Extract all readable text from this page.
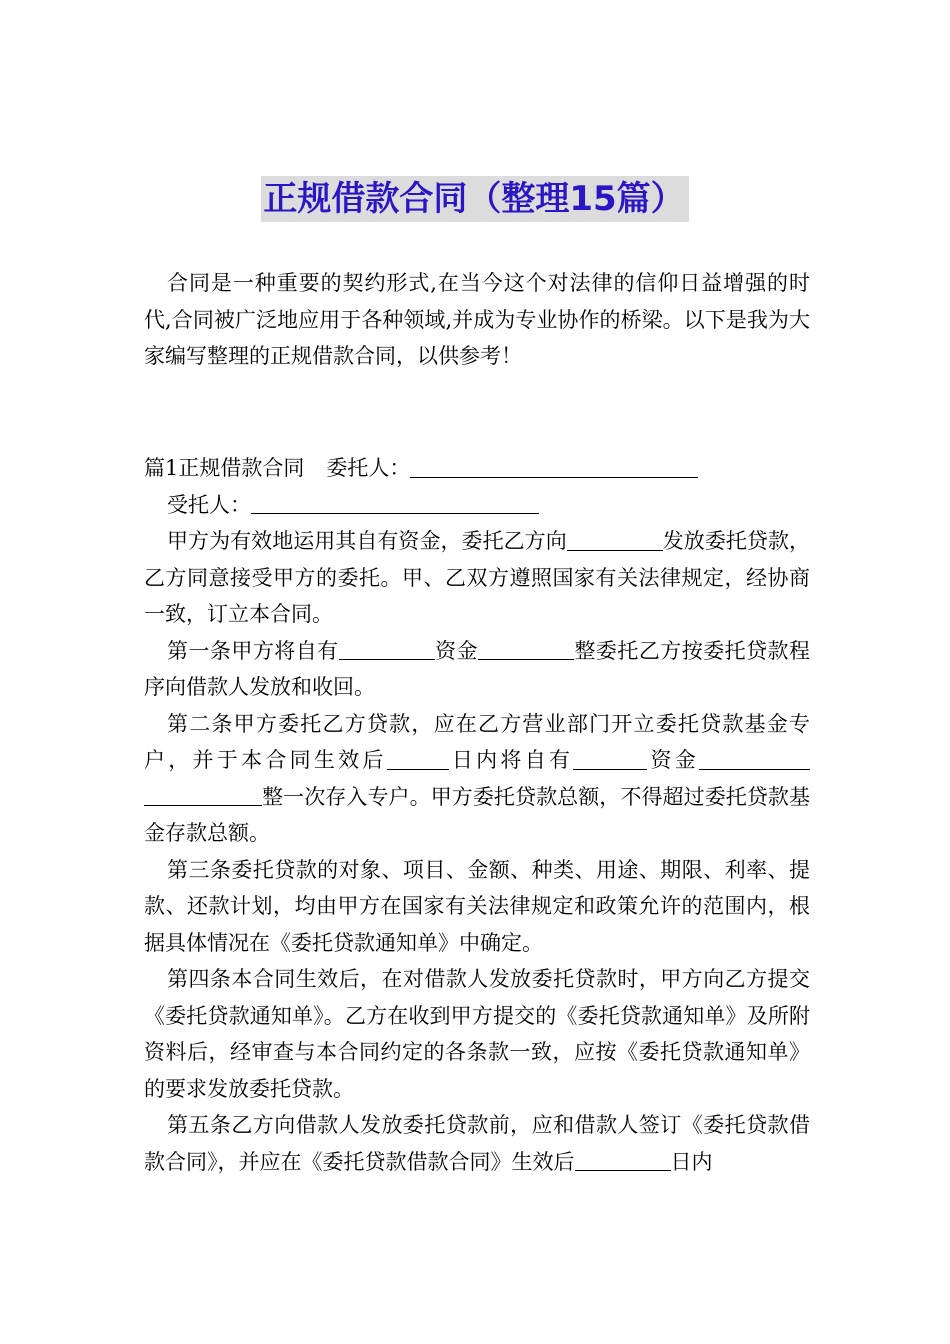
正规借款合同（整理15篇）

合同是一种重要的契约形式,在当今这个对法律的信仰日益增强的时代,合同被广泛地应用于各种领域,并成为专业协作的桥梁。以下是我为大家编写整理的正规借款合同，以供参考！

篇1正规借款合同 委托人：

受托人：

甲方为有效地运用其自有资金，委托乙方向	发放委托贷款，乙方同意接受甲方的委托。甲、乙双方遵照国家有关法律规定，经协商一致，订立本合同。

第一条甲方将自有	资金	整委托乙方按委托贷款程序向借款人发放和收回。

第二条甲方委托乙方贷款，应在乙方营业部门开立委托贷款基金专户，并于本合同生效后	日内将自有	资金整一次存入专户。甲方委托贷款总额，不得超过委托贷款基金存款总额。

第三条委托贷款的对象、项目、金额、种类、用途、期限、利率、提款、还款计划，均由甲方在国家有关法律规定和政策允许的范围内，根据具体情况在《委托贷款通知单》中确定。

第四条本合同生效后，在对借款人发放委托贷款时，甲方向乙方提交《委托贷款通知单》。乙方在收到甲方提交的《委托贷款通知单》及所附资料后，经审查与本合同约定的各条款一致，应按《委托贷款通知单》的要求发放委托贷款。

第五条乙方向借款人发放委托贷款前，应和借款人签订《委托贷款借款合同》，并应在《委托贷款借款合同》生效后	日内
